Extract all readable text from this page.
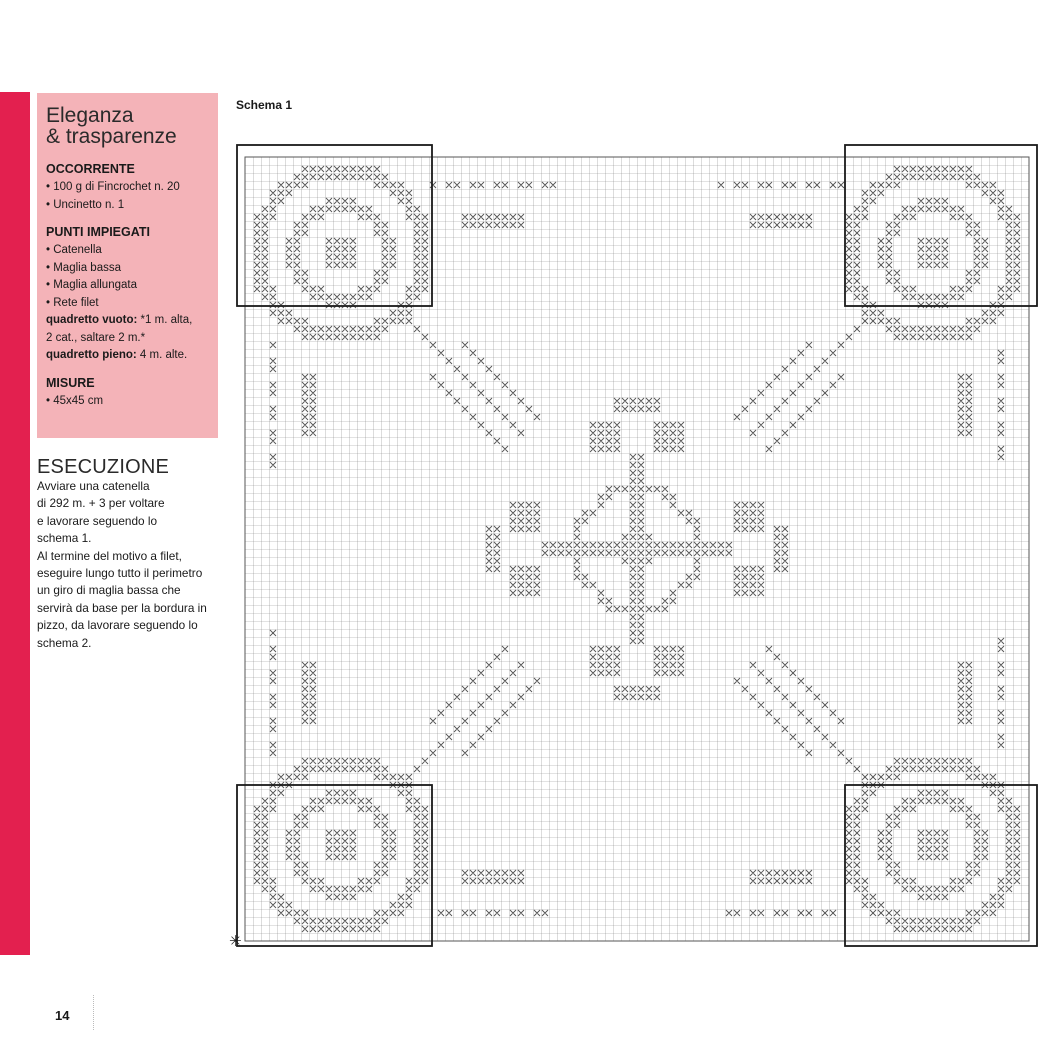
Eleganza
& trasparenze
OCCORRENTE
• 100 g di Fincrochet n. 20
• Uncinetto n. 1
PUNTI IMPIEGATI
• Catenella
• Maglia bassa
• Maglia allungata
• Rete filet
quadretto vuoto: *1 m. alta,
2 cat., saltare 2 m.*
quadretto pieno: 4 m. alte.
MISURE
• 45x45 cm
ESECUZIONE
Avviare una catenella
di 292 m. + 3 per voltare
e lavorare seguendo lo
schema 1.
Al termine del motivo a filet,
eseguire lungo tutto il perimetro
un giro di maglia bassa che
servirà da base per la bordura in
pizzo, da lavorare seguendo lo
schema 2.
Schema 1
✳
14
